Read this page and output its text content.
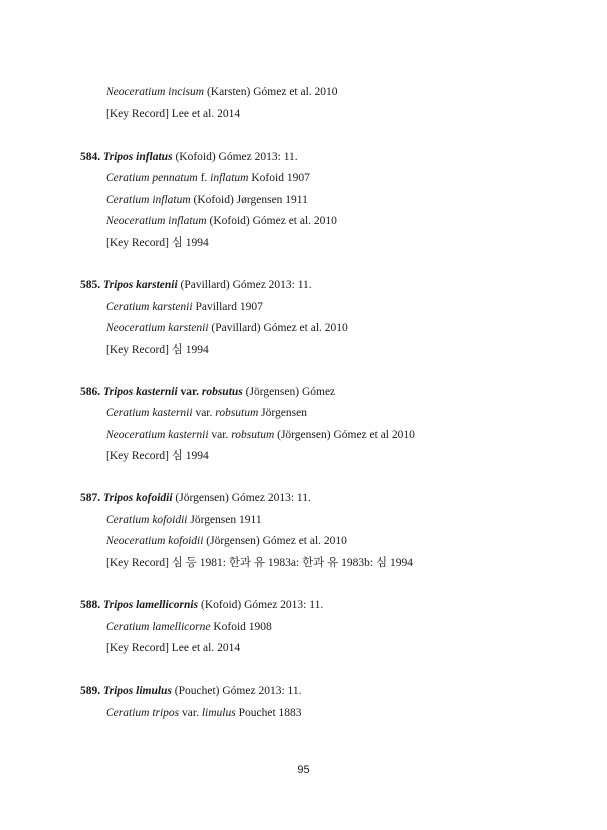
Neoceratium incisum (Karsten) Gómez et al. 2010
[Key Record] Lee et al. 2014
584. Tripos inflatus (Kofoid) Gómez 2013: 11.
Ceratium pennatum f. inflatum Kofoid 1907
Ceratium inflatum (Kofoid) Jørgensen 1911
Neoceratium inflatum (Kofoid) Gómez et al. 2010
[Key Record] 심 1994
585. Tripos karstenii (Pavillard) Gómez 2013: 11.
Ceratium karstenii Pavillard 1907
Neoceratium karstenii (Pavillard) Gómez et al. 2010
[Key Record] 심 1994
586. Tripos kasternii var. robsutus (Jörgensen) Gómez
Ceratium kasternii var. robsutum Jörgensen
Neoceratium kasternii var. robsutum (Jörgensen) Gómez et al 2010
[Key Record] 심 1994
587. Tripos kofoidii (Jörgensen) Gómez 2013: 11.
Ceratium kofoidii Jörgensen 1911
Neoceratium kofoidii (Jörgensen) Gómez et al. 2010
[Key Record] 심 등 1981: 한과 유 1983a: 한과 유 1983b: 심 1994
588. Tripos lamellicornis (Kofoid) Gómez 2013: 11.
Ceratium lamellicorne Kofoid 1908
[Key Record] Lee et al. 2014
589. Tripos limulus (Pouchet) Gómez 2013: 11.
Ceratium tripos var. limulus Pouchet 1883
95
